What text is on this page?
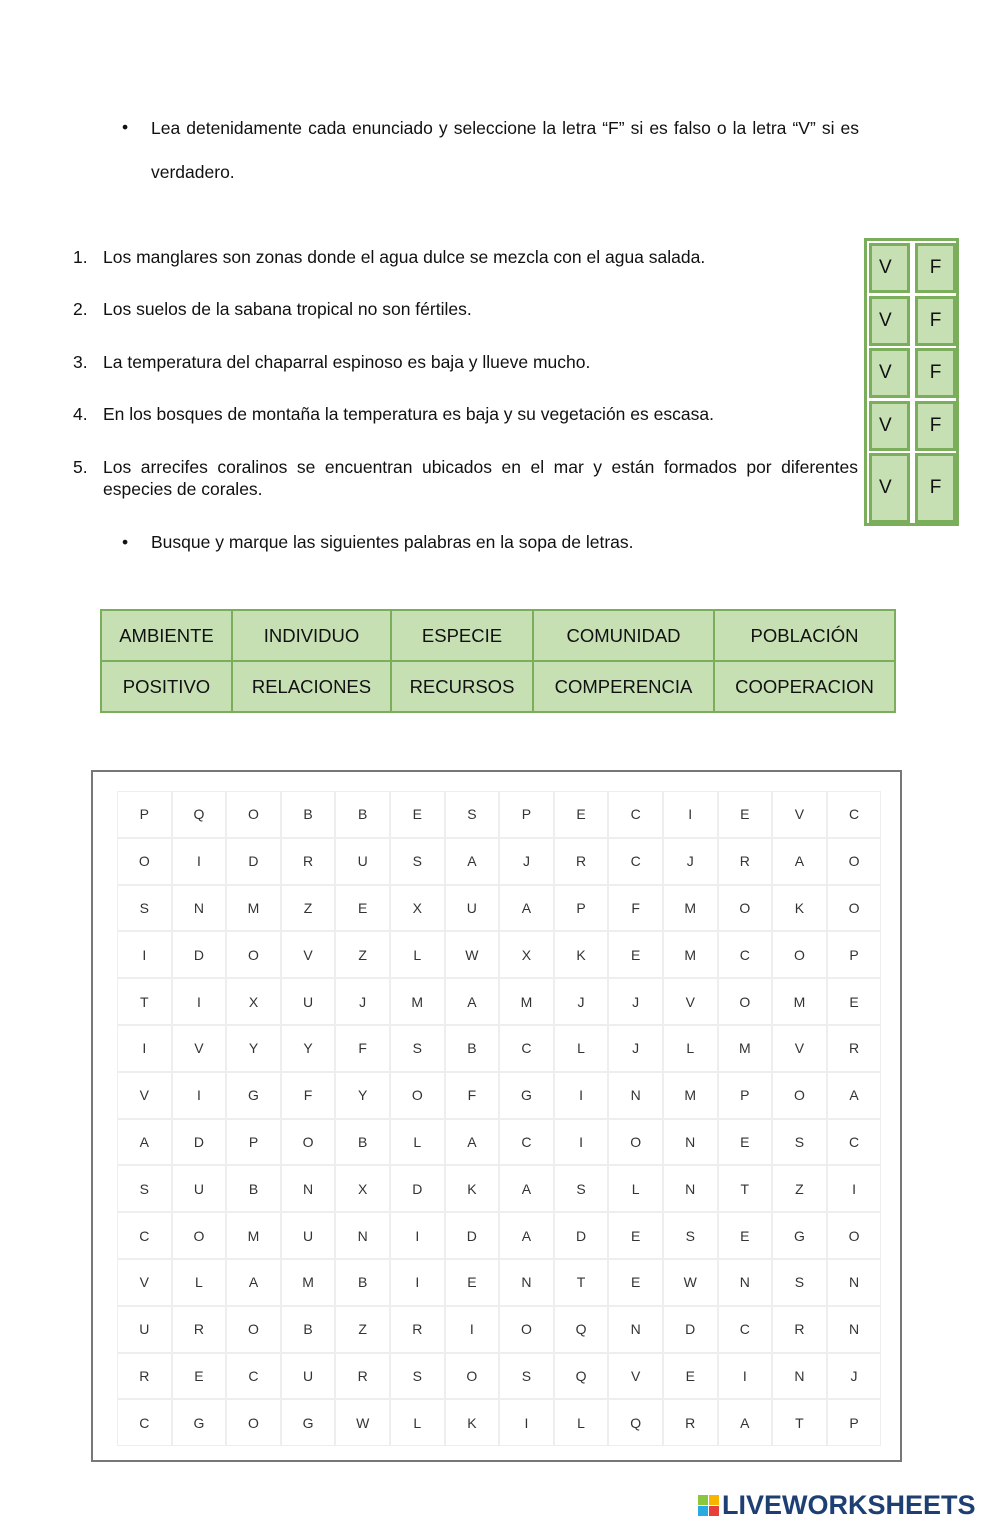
• Lea detenidamente cada enunciado y seleccione la letra “F” si es falso o la letra “V” si es verdadero.
1. Los manglares son zonas donde el agua dulce se mezcla con el agua salada.
2. Los suelos de la sabana tropical no son fértiles.
3. La temperatura del chaparral espinoso es baja y llueve mucho.
4. En los bosques de montaña la temperatura es baja y su vegetación es escasa.
5. Los arrecifes coralinos se encuentran ubicados en el mar y están formados por diferentes especies de corales.
V	F
V	F
V	F
V	F
V	F
• Busque y marque las siguientes palabras en la sopa de letras.
AMBIENTE	INDIVIDUO	ESPECIE	COMUNIDAD	POBLACIÓN
POSITIVO	RELACIONES	RECURSOS	COMPERENCIA	COOPERACION
P	Q	O	B	B	E	S	P	E	C	I	E	V	C
O	I	D	R	U	S	A	J	R	C	J	R	A	O
S	N	M	Z	E	X	U	A	P	F	M	O	K	O
I	D	O	V	Z	L	W	X	K	E	M	C	O	P
T	I	X	U	J	M	A	M	J	J	V	O	M	E
I	V	Y	Y	F	S	B	C	L	J	L	M	V	R
V	I	G	F	Y	O	F	G	I	N	M	P	O	A
A	D	P	O	B	L	A	C	I	O	N	E	S	C
S	U	B	N	X	D	K	A	S	L	N	T	Z	I
C	O	M	U	N	I	D	A	D	E	S	E	G	O
V	L	A	M	B	I	E	N	T	E	W	N	S	N
U	R	O	B	Z	R	I	O	Q	N	D	C	R	N
R	E	C	U	R	S	O	S	Q	V	E	I	N	J
C	G	O	G	W	L	K	I	L	Q	R	A	T	P
LIVEWORKSHEETS
